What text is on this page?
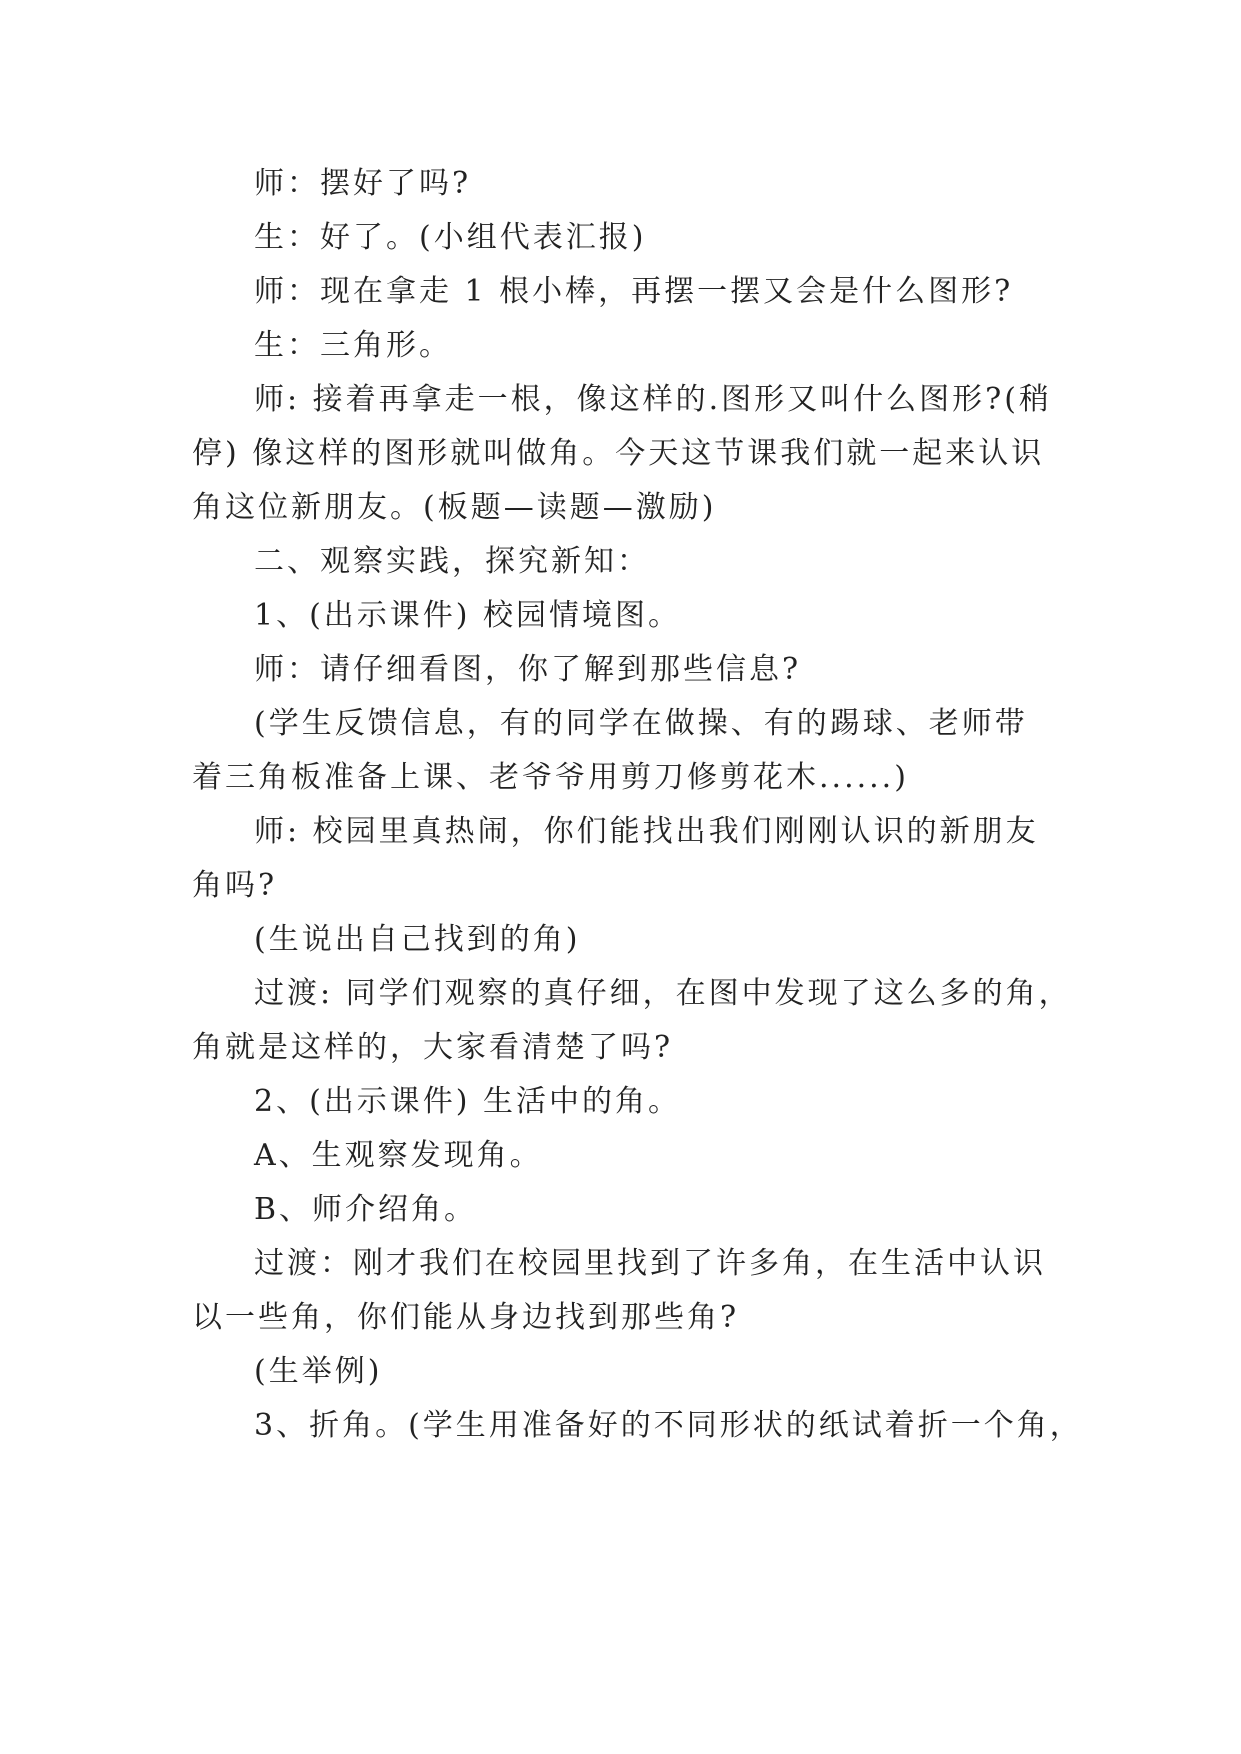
师：摆好了吗?
生：好了。(小组代表汇报)
师：现在拿走 1 根小棒，再摆一摆又会是什么图形?
生：三角形。
师: 接着再拿走一根，像这样的.图形又叫什么图形?(稍
停) 像这样的图形就叫做角。今天这节课我们就一起来认识
角这位新朋友。(板题—读题—激励)
二、观察实践，探究新知：
1、(出示课件) 校园情境图。
师：请仔细看图，你了解到那些信息?
(学生反馈信息，有的同学在做操、有的踢球、老师带
着三角板准备上课、老爷爷用剪刀修剪花木......)
师: 校园里真热闹，你们能找出我们刚刚认识的新朋友
角吗?
(生说出自己找到的角)
过渡: 同学们观察的真仔细，在图中发现了这么多的角，
角就是这样的，大家看清楚了吗?
2、(出示课件) 生活中的角。
A、生观察发现角。
B、师介绍角。
过渡：刚才我们在校园里找到了许多角，在生活中认识
以一些角，你们能从身边找到那些角?
(生举例)
3、折角。(学生用准备好的不同形状的纸试着折一个角，
